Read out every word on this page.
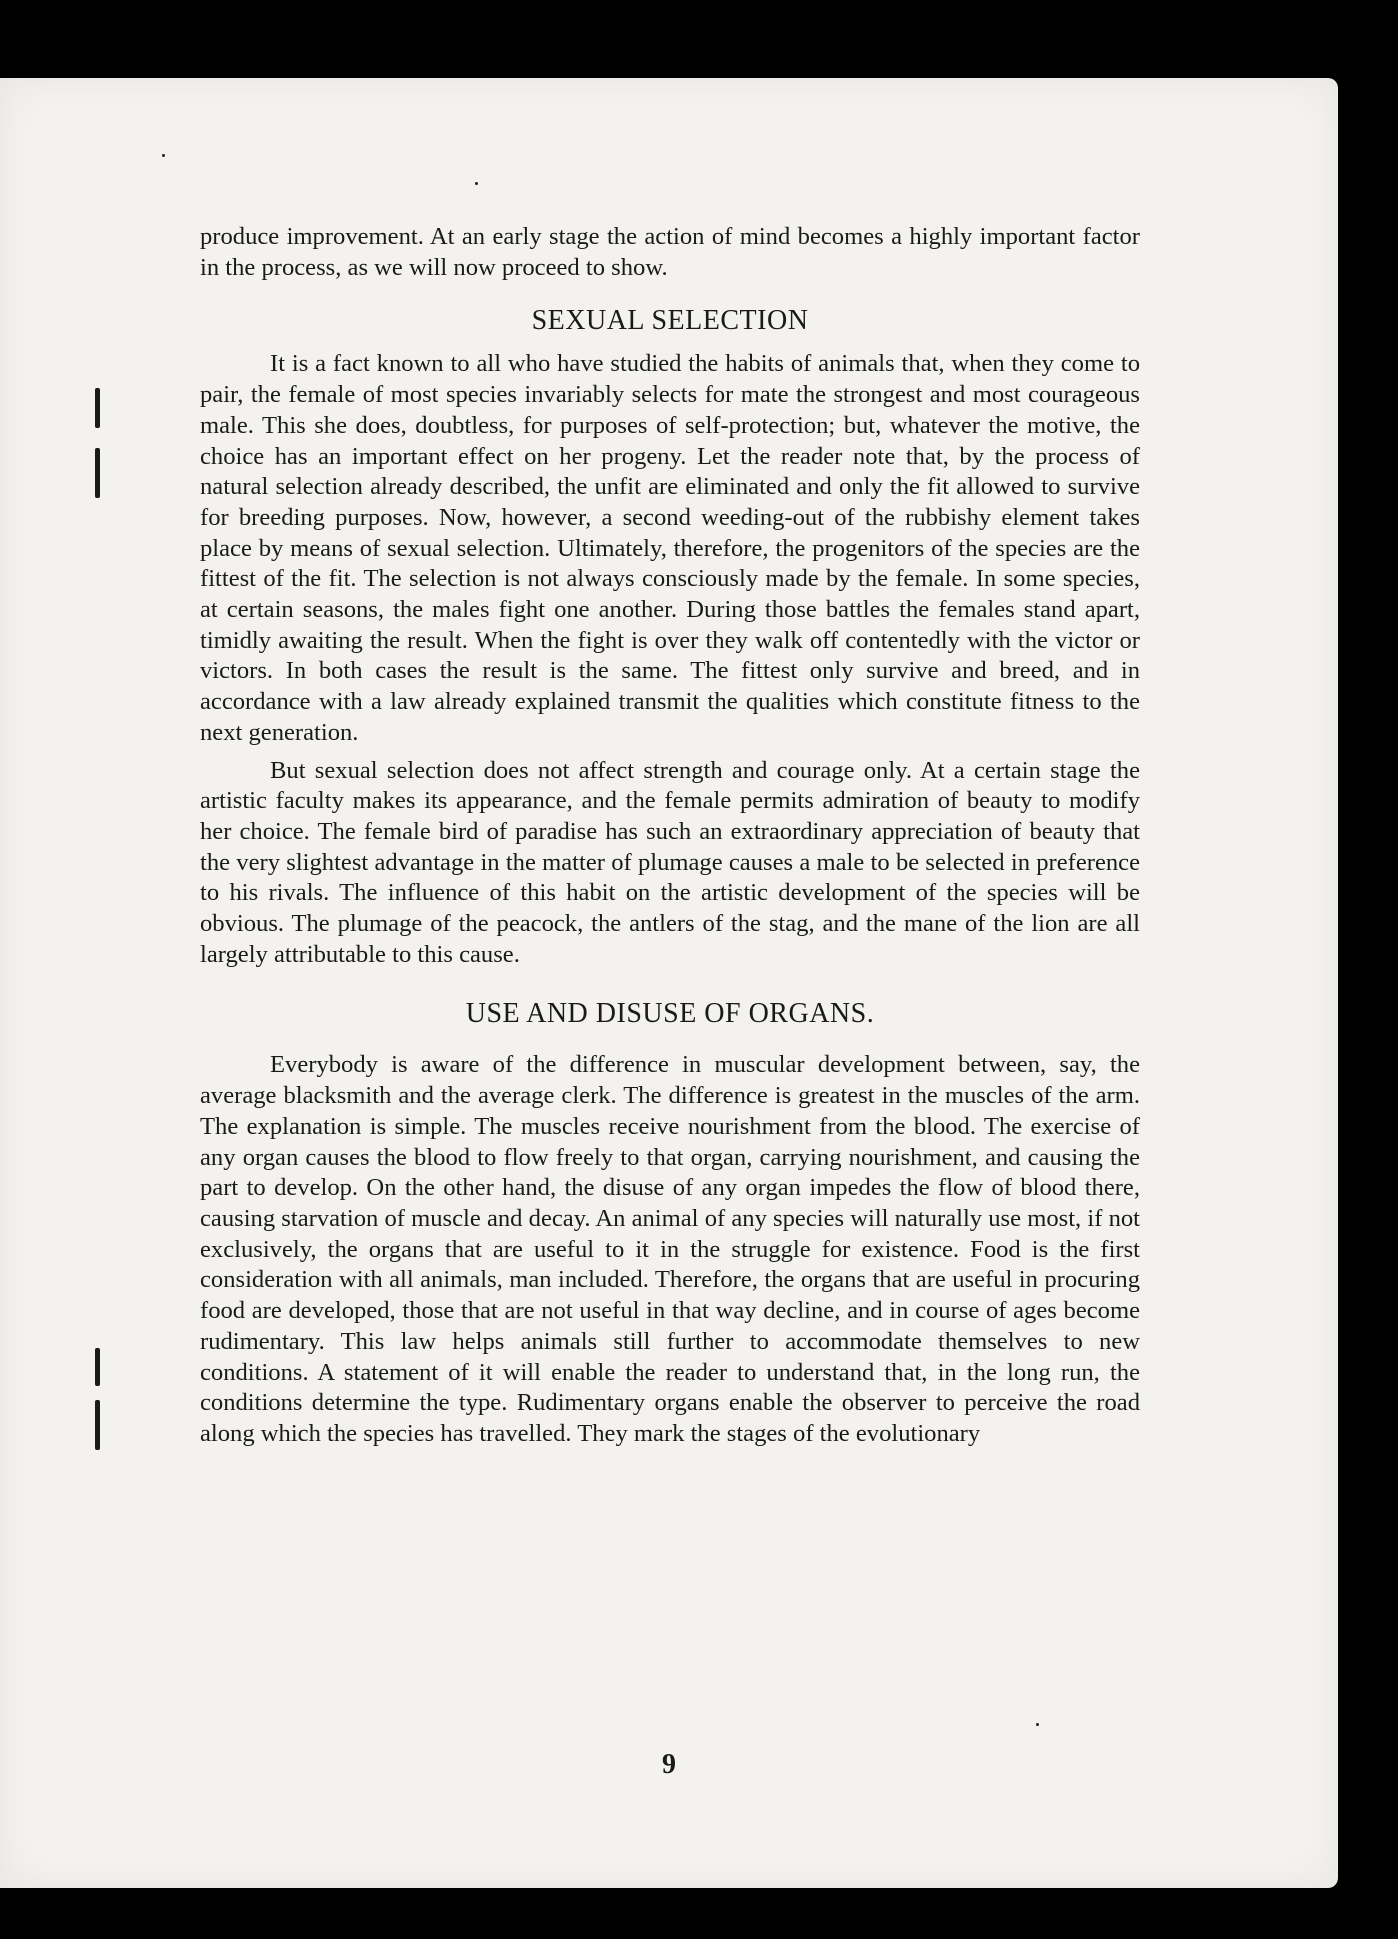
produce improvement. At an early stage the action of mind becomes a highly important factor in the process, as we will now proceed to show.

SEXUAL SELECTION

It is a fact known to all who have studied the habits of animals that, when they come to pair, the female of most species invariably selects for mate the strongest and most courageous male. This she does, doubtless, for purposes of self-protection; but, whatever the motive, the choice has an important effect on her progeny. Let the reader note that, by the process of natural selection already described, the unfit are eliminated and only the fit allowed to survive for breeding purposes. Now, however, a second weeding-out of the rubbishy element takes place by means of sexual selection. Ultimately, therefore, the progenitors of the species are the fittest of the fit. The selection is not always consciously made by the female. In some species, at certain seasons, the males fight one another. During those battles the females stand apart, timidly awaiting the result. When the fight is over they walk off contentedly with the victor or victors. In both cases the result is the same. The fittest only survive and breed, and in accordance with a law already explained transmit the qualities which constitute fitness to the next generation.

But sexual selection does not affect strength and courage only. At a certain stage the artistic faculty makes its appearance, and the female permits admiration of beauty to modify her choice. The female bird of paradise has such an extraordinary appreciation of beauty that the very slightest advantage in the matter of plumage causes a male to be selected in preference to his rivals. The influence of this habit on the artistic development of the species will be obvious. The plumage of the peacock, the antlers of the stag, and the mane of the lion are all largely attributable to this cause.

USE AND DISUSE OF ORGANS.

Everybody is aware of the difference in muscular development between, say, the average blacksmith and the average clerk. The difference is greatest in the muscles of the arm. The explanation is simple. The muscles receive nourishment from the blood. The exercise of any organ causes the blood to flow freely to that organ, carrying nourishment, and causing the part to develop. On the other hand, the disuse of any organ impedes the flow of blood there, causing starvation of muscle and decay. An animal of any species will naturally use most, if not exclusively, the organs that are useful to it in the struggle for existence. Food is the first consideration with all animals, man included. Therefore, the organs that are useful in procuring food are developed, those that are not useful in that way decline, and in course of ages become rudimentary. This law helps animals still further to accommodate themselves to new conditions. A statement of it will enable the reader to understand that, in the long run, the conditions determine the type. Rudimentary organs enable the observer to perceive the road along which the species has travelled. They mark the stages of the evolutionary

9
